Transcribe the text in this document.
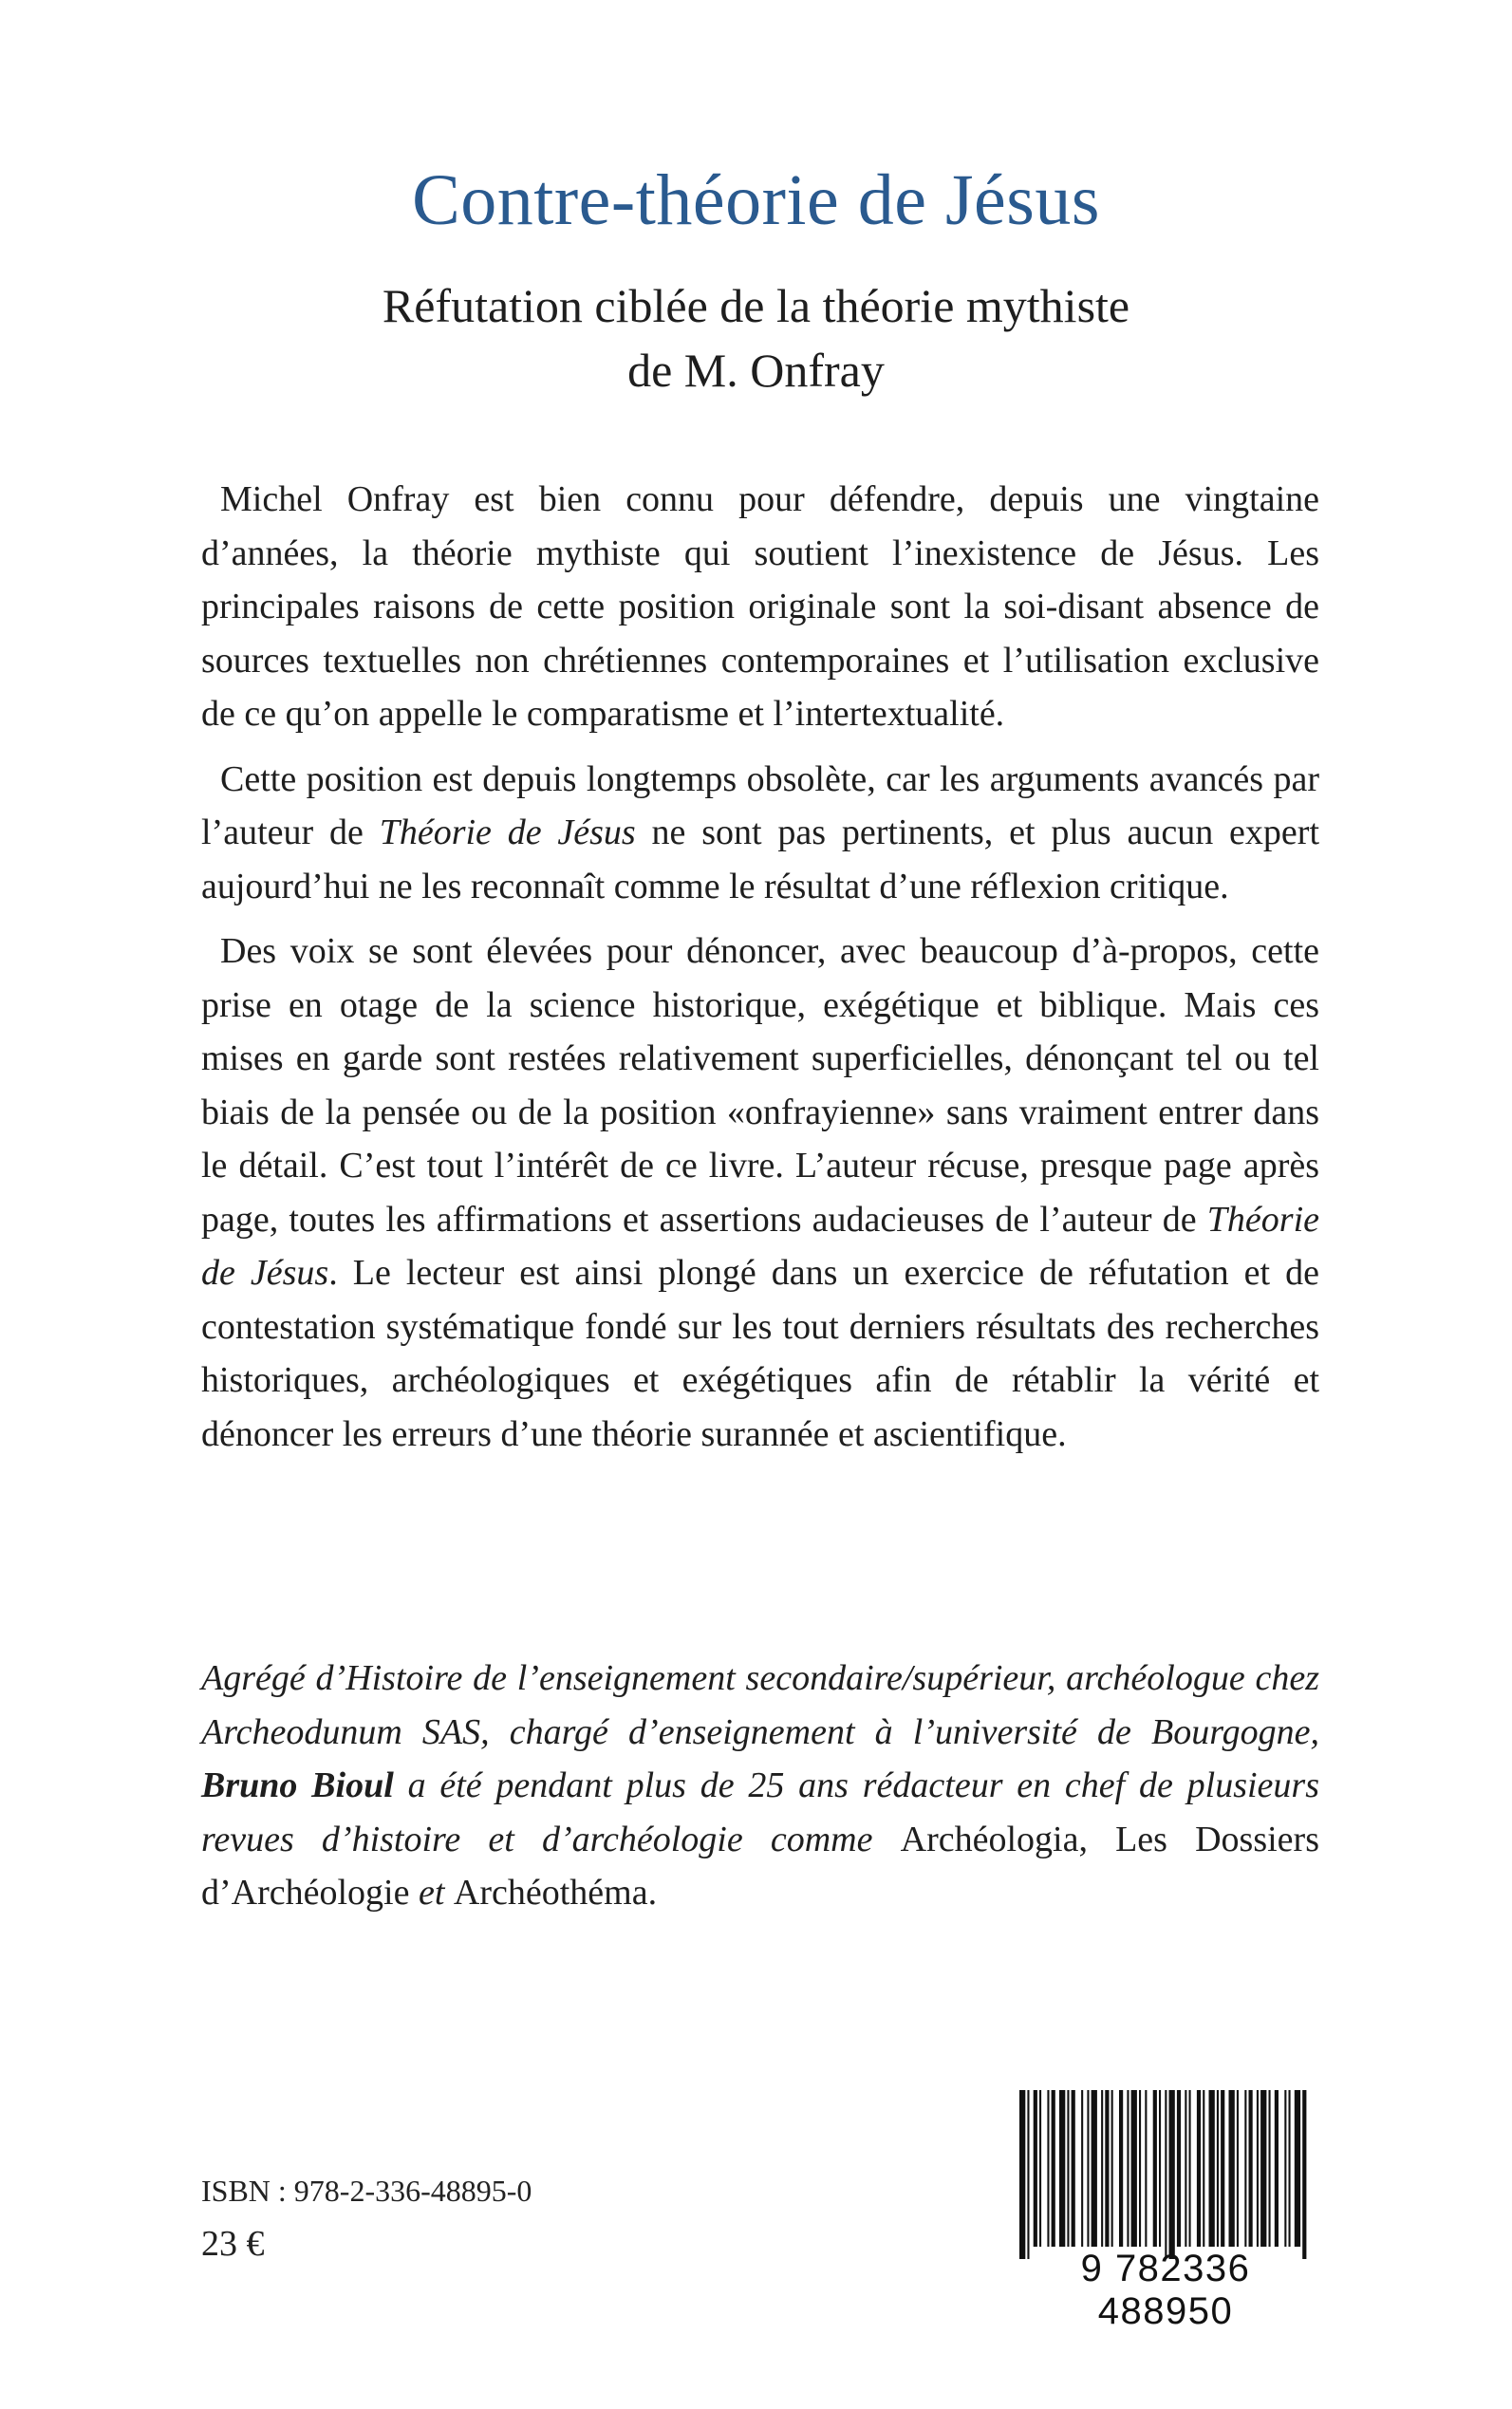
Contre-théorie de Jésus
Réfutation ciblée de la théorie mythiste
de M. Onfray

Michel Onfray est bien connu pour défendre, depuis une vingtaine d’années, la théorie mythiste qui soutient l’inexistence de Jésus. Les principales raisons de cette position originale sont la soi-disant absence de sources textuelles non chrétiennes contemporaines et l’utilisation exclusive de ce qu’on appelle le comparatisme et l’intertextualité.

Cette position est depuis longtemps obsolète, car les arguments avancés par l’auteur de Théorie de Jésus ne sont pas pertinents, et plus aucun expert aujourd’hui ne les reconnaît comme le résultat d’une réflexion critique.

Des voix se sont élevées pour dénoncer, avec beaucoup d’à-propos, cette prise en otage de la science historique, exégétique et biblique. Mais ces mises en garde sont restées relativement superficielles, dénonçant tel ou tel biais de la pensée ou de la position «onfrayienne» sans vraiment entrer dans le détail. C’est tout l’intérêt de ce livre. L’auteur récuse, presque page après page, toutes les affirmations et assertions audacieuses de l’auteur de Théorie de Jésus. Le lecteur est ainsi plongé dans un exercice de réfutation et de contestation systématique fondé sur les tout derniers résultats des recherches historiques, archéologiques et exégétiques afin de rétablir la vérité et dénoncer les erreurs d’une théorie surannée et ascientifique.

Agrégé d’Histoire de l’enseignement secondaire/supérieur, archéologue chez Archeodunum SAS, chargé d’enseignement à l’université de Bourgogne, Bruno Bioul a été pendant plus de 25 ans rédacteur en chef de plusieurs revues d’histoire et d’archéologie comme Archéologia, Les Dossiers d’Archéologie et Archéothéma.
ISBN : 978-2-336-48895-0
23 €
9 782336 488950
